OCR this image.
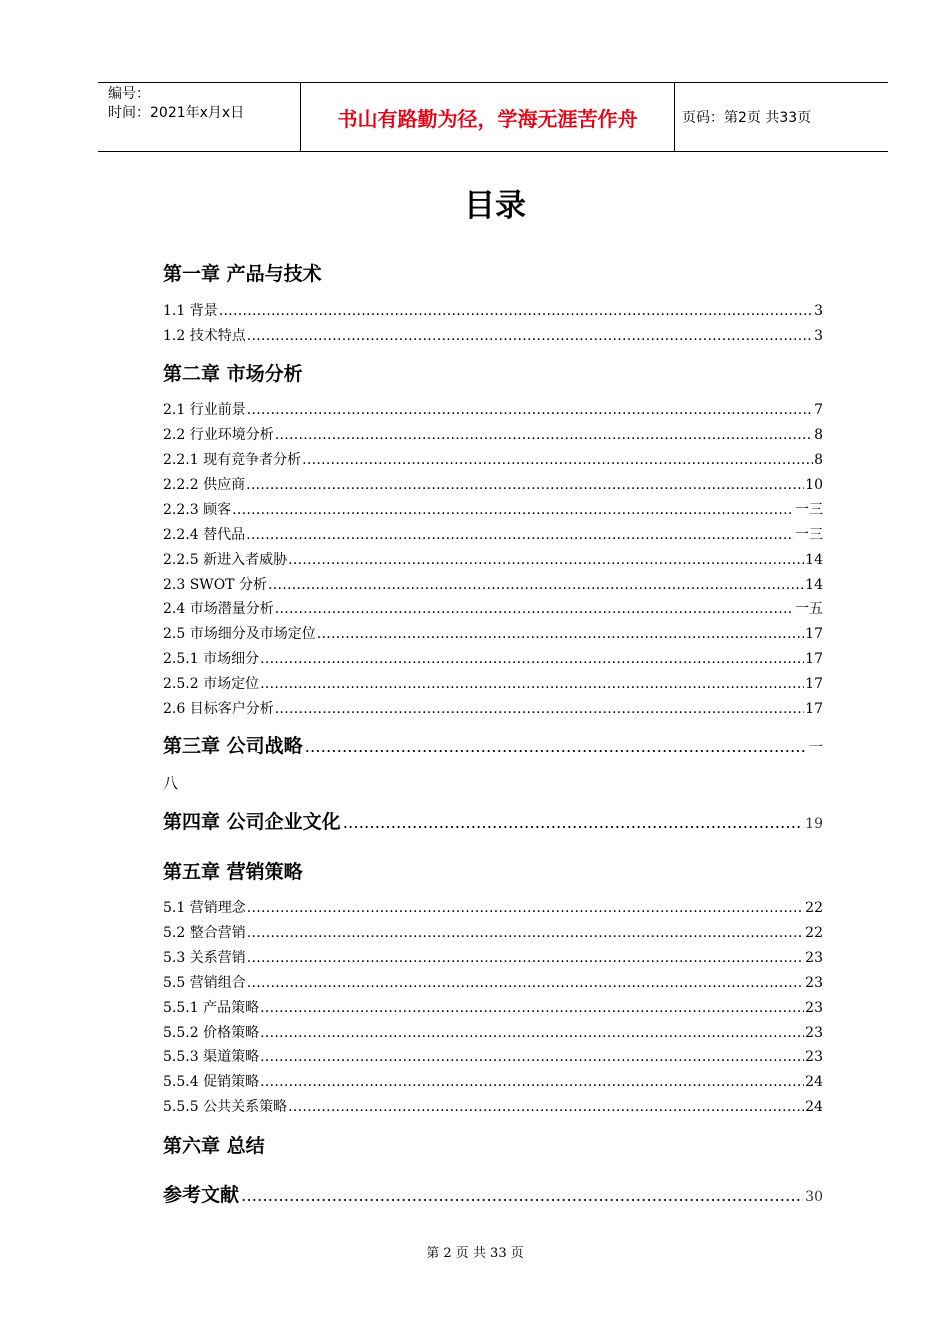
编号：
时间：2021年x月x日	书山有路勤为径，学海无涯苦作舟	页码：第2页 共33页
目录
第一章 产品与技术
1.1 背景 .....	3
1.2 技术特点 .....	3
第二章 市场分析
2.1 行业前景 .....	7
2.2 行业环境分析 .....	8
2.2.1 现有竞争者分析 .....	8
2.2.2 供应商 .....	10
2.2.3 顾客 .....	一三
2.2.4 替代品 .....	一三
2.2.5 新进入者威胁 .....	14
2.3 SWOT 分析 .....	14
2.4 市场潜量分析 .....	一五
2.5 市场细分及市场定位 .....	17
2.5.1 市场细分 .....	17
2.5.2 市场定位 .....	17
2.6 目标客户分析 .....	17
第三章 公司战略 …………………………………………………………………………………………………………………………	一
八
第四章 公司企业文化 …………………………………………………………………………………………………………………………	19
第五章 营销策略
5.1 营销理念 .....	22
5.2 整合营销 .....	22
5.3 关系营销 .....	23
5.5 营销组合 .....	23
5.5.1 产品策略 .....	23
5.5.2 价格策略 .....	23
5.5.3 渠道策略 .....	23
5.5.4 促销策略 .....	24
5.5.5 公共关系策略 .....	24
第六章 总结
参考文献 …………………………………………………………………………………………………………………………	30
第 2 页 共 33 页
